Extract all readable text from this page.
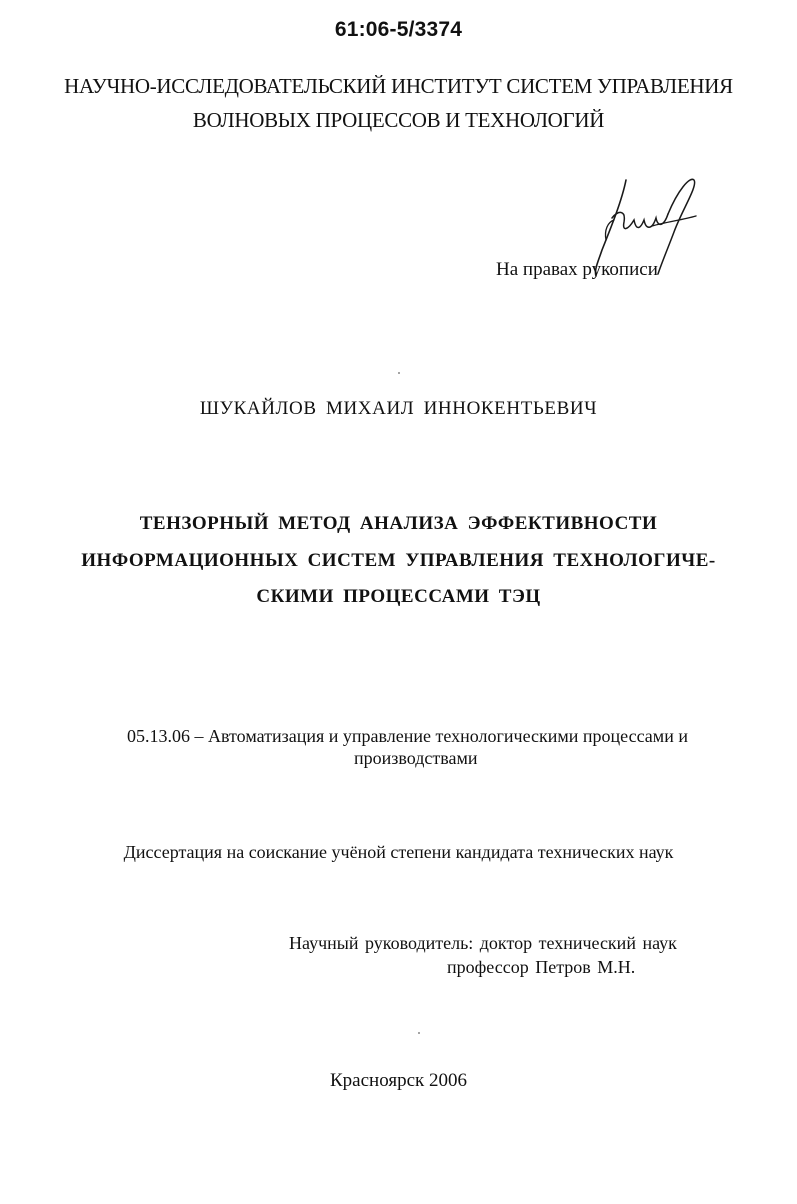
61:06-5/3374
НАУЧНО-ИССЛЕДОВАТЕЛЬСКИЙ ИНСТИТУТ СИСТЕМ УПРАВЛЕНИЯ
ВОЛНОВЫХ ПРОЦЕССОВ И ТЕХНОЛОГИЙ
На правах рукописи
ШУКАЙЛОВ МИХАИЛ ИННОКЕНТЬЕВИЧ
ТЕНЗОРНЫЙ МЕТОД АНАЛИЗА ЭФФЕКТИВНОСТИ
ИНФОРМАЦИОННЫХ СИСТЕМ УПРАВЛЕНИЯ ТЕХНОЛОГИЧЕ-
СКИМИ ПРОЦЕССАМИ ТЭЦ
05.13.06 – Автоматизация и управление технологическими процессами и
производствами
Диссертация на соискание учёной степени кандидата технических наук
Научный руководитель: доктор технический наук
профессор Петров М.Н.
Красноярск 2006
